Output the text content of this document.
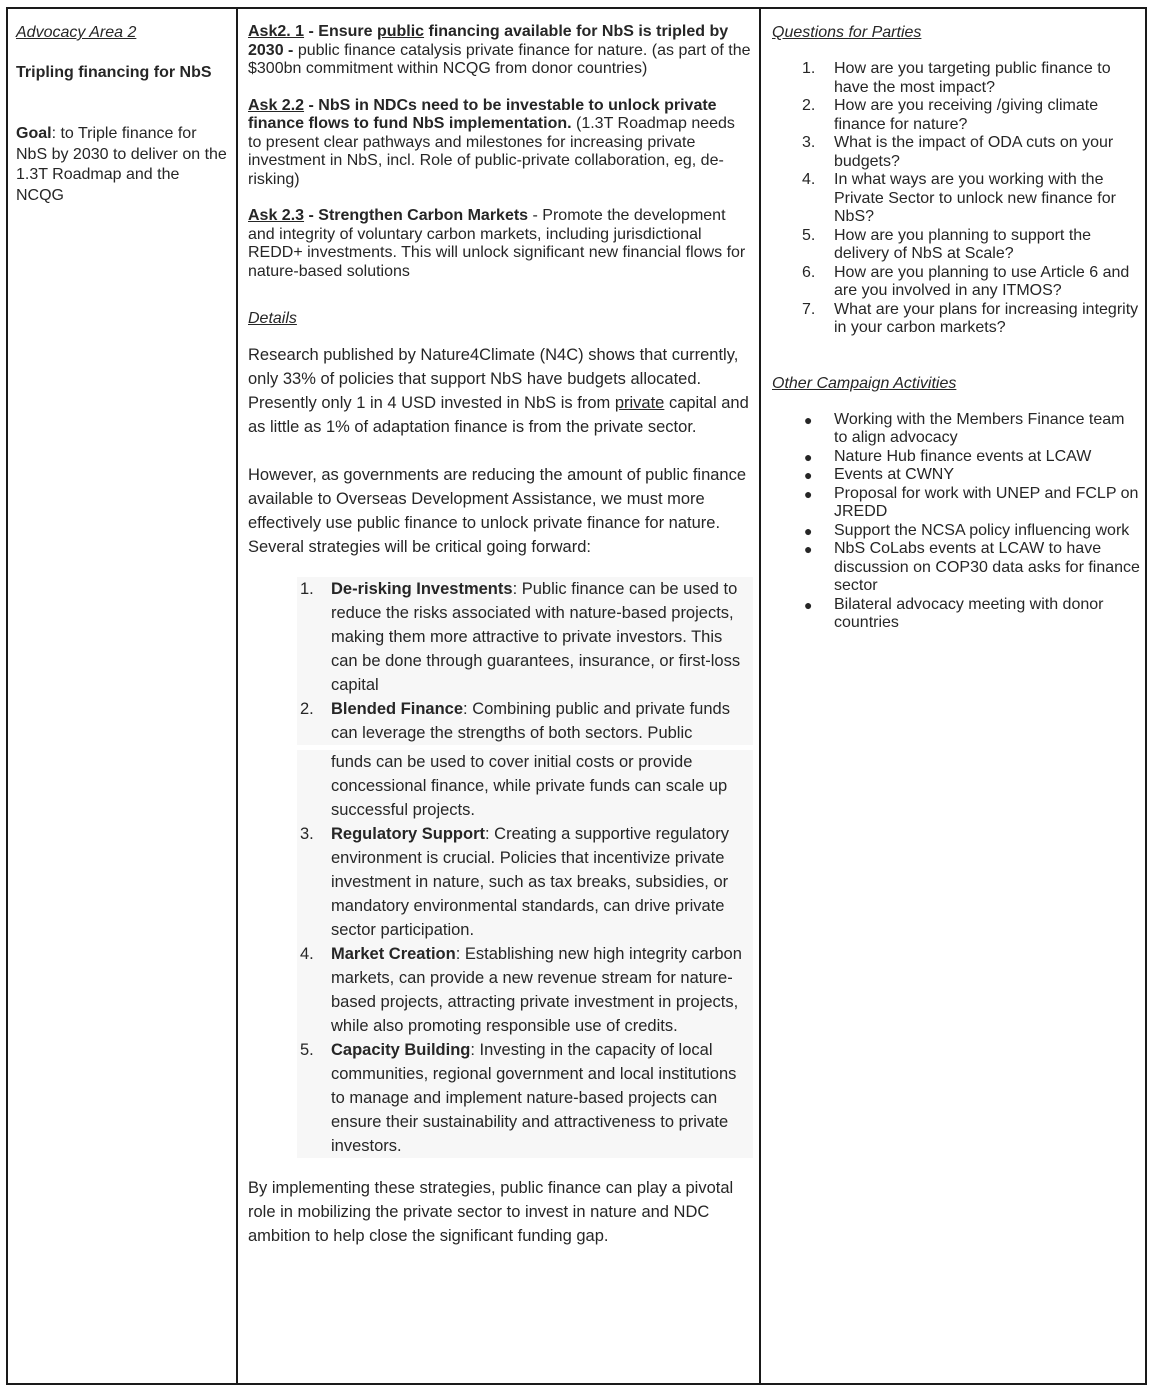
Advocacy Area 2

Tripling financing for NbS

Goal: to Triple finance for NbS by 2030 to deliver on the 1.3T Roadmap and the NCQG

Ask2. 1 - Ensure public financing available for NbS is tripled by 2030 - public finance catalysis private finance for nature. (as part of the $300bn commitment within NCQG from donor countries)

Ask 2.2 - NbS in NDCs need to be investable to unlock private finance flows to fund NbS implementation. (1.3T Roadmap needs to present clear pathways and milestones for increasing private investment in NbS, incl. Role of public-private collaboration, eg, de-risking)

Ask 2.3 - Strengthen Carbon Markets - Promote the development and integrity of voluntary carbon markets, including jurisdictional REDD+ investments. This will unlock significant new financial flows for nature-based solutions

Details

Research published by Nature4Climate (N4C) shows that currently, only 33% of policies that support NbS have budgets allocated. Presently only 1 in 4 USD invested in NbS is from private capital and as little as 1% of adaptation finance is from the private sector.

However, as governments are reducing the amount of public finance available to Overseas Development Assistance, we must more effectively use public finance to unlock private finance for nature. Several strategies will be critical going forward:

1. De-risking Investments: Public finance can be used to reduce the risks associated with nature-based projects, making them more attractive to private investors. This can be done through guarantees, insurance, or first-loss capital
2. Blended Finance: Combining public and private funds can leverage the strengths of both sectors. Public
funds can be used to cover initial costs or provide concessional finance, while private funds can scale up successful projects.
3. Regulatory Support: Creating a supportive regulatory environment is crucial. Policies that incentivize private investment in nature, such as tax breaks, subsidies, or mandatory environmental standards, can drive private sector participation.
4. Market Creation: Establishing new high integrity carbon markets, can provide a new revenue stream for nature-based projects, attracting private investment in projects, while also promoting responsible use of credits.
5. Capacity Building: Investing in the capacity of local communities, regional government and local institutions to manage and implement nature-based projects can ensure their sustainability and attractiveness to private investors.

By implementing these strategies, public finance can play a pivotal role in mobilizing the private sector to invest in nature and NDC ambition to help close the significant funding gap.

Questions for Parties

1. How are you targeting public finance to have the most impact?
2. How are you receiving /giving climate finance for nature?
3. What is the impact of ODA cuts on your budgets?
4. In what ways are you working with the Private Sector to unlock new finance for NbS?
5. How are you planning to support the delivery of NbS at Scale?
6. How are you planning to use Article 6 and are you involved in any ITMOS?
7. What are your plans for increasing integrity in your carbon markets?

Other Campaign Activities

● Working with the Members Finance team to align advocacy
● Nature Hub finance events at LCAW
● Events at CWNY
● Proposal for work with UNEP and FCLP on JREDD
● Support the NCSA policy influencing work
● NbS CoLabs events at LCAW to have discussion on COP30 data asks for finance sector
● Bilateral advocacy meeting with donor countries
